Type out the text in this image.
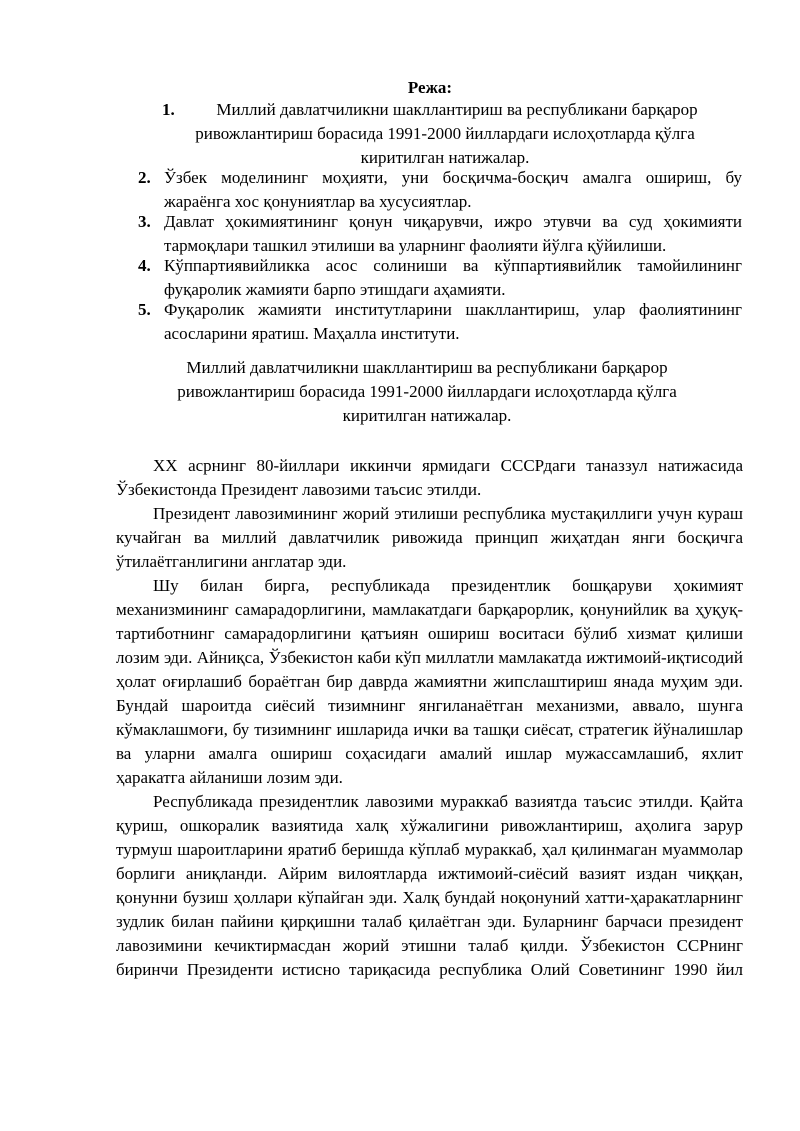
Режа:
1.	Миллий давлатчиликни шакллантириш ва республикани барқарор ривожлантириш борасида 1991-2000 йиллардаги ислоҳотларда қўлга киритилган натижалар.
2. Ўзбек моделининг моҳияти, уни босқичма-босқич амалга ошириш, бу жараёнга хос қонуниятлар ва хусусиятлар.
3. Давлат ҳокимиятининг қонун чиқарувчи, ижро этувчи ва суд ҳокимияти тармоқлари ташкил этилиши ва уларнинг фаолияти йўлга қўйилиши.
4. Кўппартиявийликка асос солиниши ва кўппартиявийлик тамойилининг фуқаролик жамияти барпо этишдаги аҳамияти.
5. Фуқаролик жамияти институтларини шакллантириш, улар фаолиятининг асосларини яратиш. Маҳалла институти.
Миллий давлатчиликни шакллантириш ва республикани барқарор ривожлантириш борасида 1991-2000 йиллардаги ислоҳотларда қўлга киритилган натижалар.

XX асрнинг 80-йиллари иккинчи ярмидаги СССРдаги таназзул натижасида Ўзбекистонда Президент лавозими таъсис этилди.

Президент лавозимининг жорий этилиши республика мустақиллиги учун кураш кучайган ва миллий давлатчилик ривожида принцип жиҳатдан янги босқичга ўтилаётганлигини англатар эди.

Шу билан бирга, республикада президентлик бошқаруви ҳокимият механизмининг самарадорлигини, мамлакатдаги барқарорлик, қонунийлик ва ҳуқуқ-тартиботнинг самарадорлигини қатъиян ошириш воситаси бўлиб хизмат қилиши лозим эди. Айниқса, Ўзбекистон каби кўп миллатли мамлакатда ижтимоий-иқтисодий ҳолат оғирлашиб бораётган бир даврда жамиятни жипслаштириш янада муҳим эди. Бундай шароитда сиёсий тизимнинг янгиланаётган механизми, аввало, шунга кўмаклашмоғи, бу тизимнинг ишларида ички ва ташқи сиёсат, стратегик йўналишлар ва уларни амалга ошириш соҳасидаги амалий ишлар мужассамлашиб, яхлит ҳаракатга айланиши лозим эди.

Республикада президентлик лавозими мураккаб вазиятда таъсис этилди. Қайта қуриш, ошкоралик вазиятида халқ хўжалигини ривожлантириш, аҳолига зарур турмуш шароитларини яратиб беришда кўплаб мураккаб, ҳал қилинмаган муаммолар борлиги аниқланди. Айрим вилоятларда ижтимоий-сиёсий вазият издан чиққан, қонунни бузиш ҳоллари кўпайган эди. Халқ бундай ноқонуний хатти-ҳаракатларнинг зудлик билан пайини қирқишни талаб қилаётган эди. Буларнинг барчаси президент лавозимини кечиктирмасдан жорий этишни талаб қилди. Ўзбекистон ССРнинг биринчи Президенти истисно тариқасида республика Олий Советининг 1990 йил
